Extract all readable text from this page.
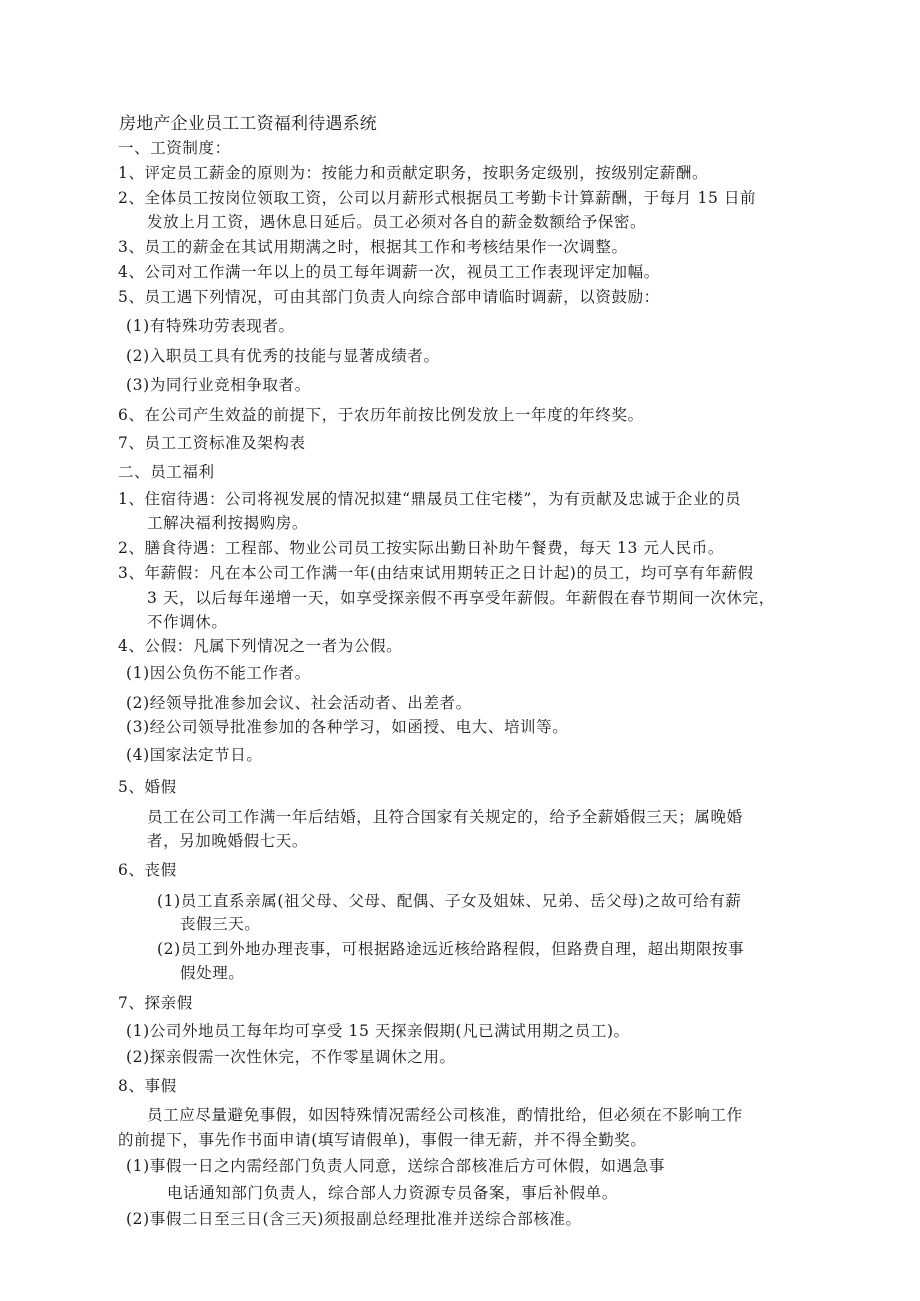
房地产企业员工工资福利待遇系统
一、工资制度：
1、评定员工薪金的原则为：按能力和贡献定职务，按职务定级别，按级别定薪酬。
2、全体员工按岗位领取工资，公司以月薪形式根据员工考勤卡计算薪酬，于每月 15 日前
发放上月工资，遇休息日延后。员工必须对各自的薪金数额给予保密。
3、员工的薪金在其试用期满之时，根据其工作和考核结果作一次调整。
4、公司对工作满一年以上的员工每年调薪一次，视员工工作表现评定加幅。
5、员工遇下列情况，可由其部门负责人向综合部申请临时调薪，以资鼓励：
(1)有特殊功劳表现者。
(2)入职员工具有优秀的技能与显著成绩者。
(3)为同行业竞相争取者。
6、在公司产生效益的前提下，于农历年前按比例发放上一年度的年终奖。
7、员工工资标准及架构表
二、员工福利
1、住宿待遇：公司将视发展的情况拟建“鼎晟员工住宅楼”，为有贡献及忠诚于企业的员
工解决福利按揭购房。
2、膳食待遇：工程部、物业公司员工按实际出勤日补助午餐费，每天 13 元人民币。
3、年薪假：凡在本公司工作满一年(由结束试用期转正之日计起)的员工，均可享有年薪假
3 天，以后每年递增一天，如享受探亲假不再享受年薪假。年薪假在春节期间一次休完，
不作调休。
4、公假：凡属下列情况之一者为公假。
(1)因公负伤不能工作者。
(2)经领导批准参加会议、社会活动者、出差者。
(3)经公司领导批准参加的各种学习，如函授、电大、培训等。
(4)国家法定节日。
5、婚假
员工在公司工作满一年后结婚，且符合国家有关规定的，给予全薪婚假三天；属晚婚
者，另加晚婚假七天。
6、丧假
(1)员工直系亲属(祖父母、父母、配偶、子女及姐妹、兄弟、岳父母)之故可给有薪
丧假三天。
(2)员工到外地办理丧事，可根据路途远近核给路程假，但路费自理，超出期限按事
假处理。
7、探亲假
(1)公司外地员工每年均可享受 15 天探亲假期(凡已满试用期之员工)。
(2)探亲假需一次性休完，不作零星调休之用。
8、事假
员工应尽量避免事假，如因特殊情况需经公司核准，酌情批给，但必须在不影响工作
的前提下，事先作书面申请(填写请假单)，事假一律无薪，并不得全勤奖。
(1)事假一日之内需经部门负责人同意，送综合部核准后方可休假，如遇急事
电话通知部门负责人，综合部人力资源专员备案，事后补假单。
(2)事假二日至三日(含三天)须报副总经理批准并送综合部核准。
